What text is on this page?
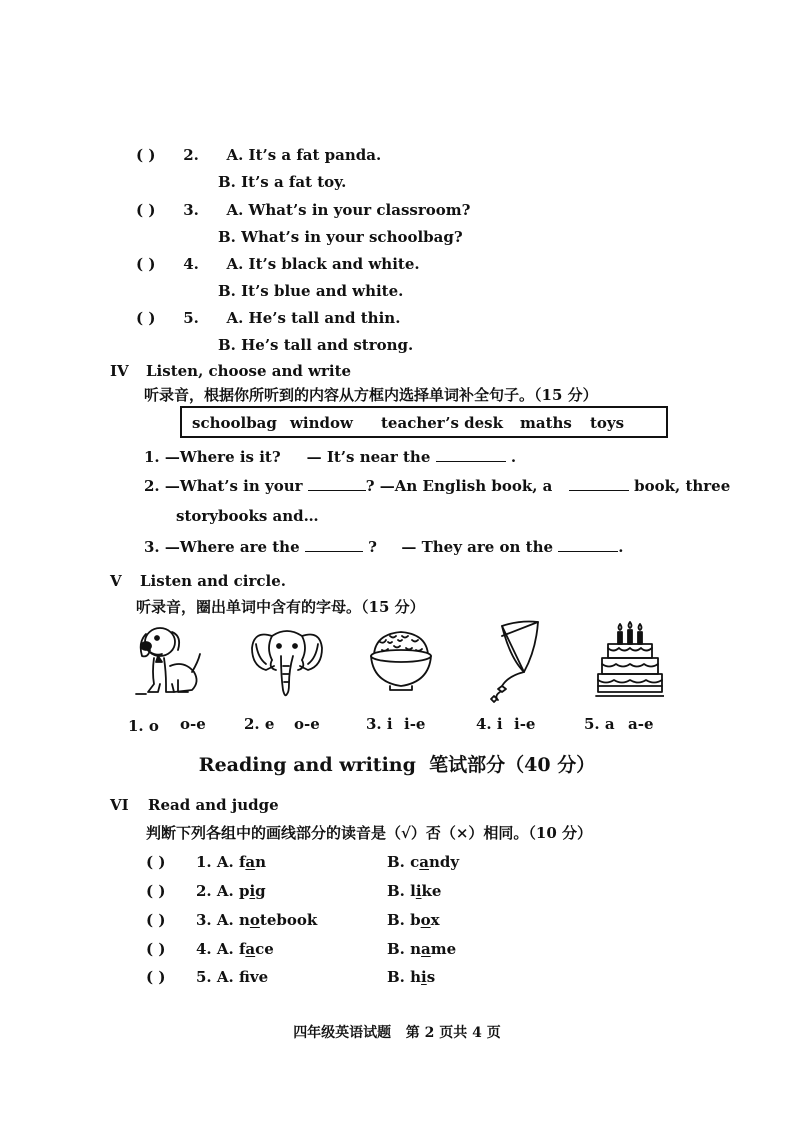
( ) 2. A. It’s a fat panda.
B. It’s a fat toy.
( ) 3. A. What’s in your classroom?
B. What’s in your schoolbag?
( ) 4. A. It’s black and white.
B. It’s blue and white.
( ) 5. A. He’s tall and thin.
B. He’s tall and strong.
IV Listen, choose and write
听录音，根据你所听到的内容从方框内选择单词补全句子。（15 分）
schoolbag window teacher’s desk maths toys
1. —Where is it? — It’s near the	.
2. —What’s in your	? —An English book, a	book, three
storybooks and…
3. —Where are the	? — They are on the	.
V Listen and circle.
听录音，圈出单词中含有的字母。（15 分）
1. o o-e	2. e o-e	3. i i-e	4. i i-e	5. a a-e
Reading and writing 笔试部分（40 分）
VI Read and judge
判断下列各组中的画线部分的读音是（√）否（×）相同。（10 分）
( ) 1. A. fan	B. candy
( ) 2. A. pig	B. like
( ) 3. A. notebook	B. box
( ) 4. A. face	B. name
( ) 5. A. fve	B. his
四年级英语试题   第 2 页共 4 页
